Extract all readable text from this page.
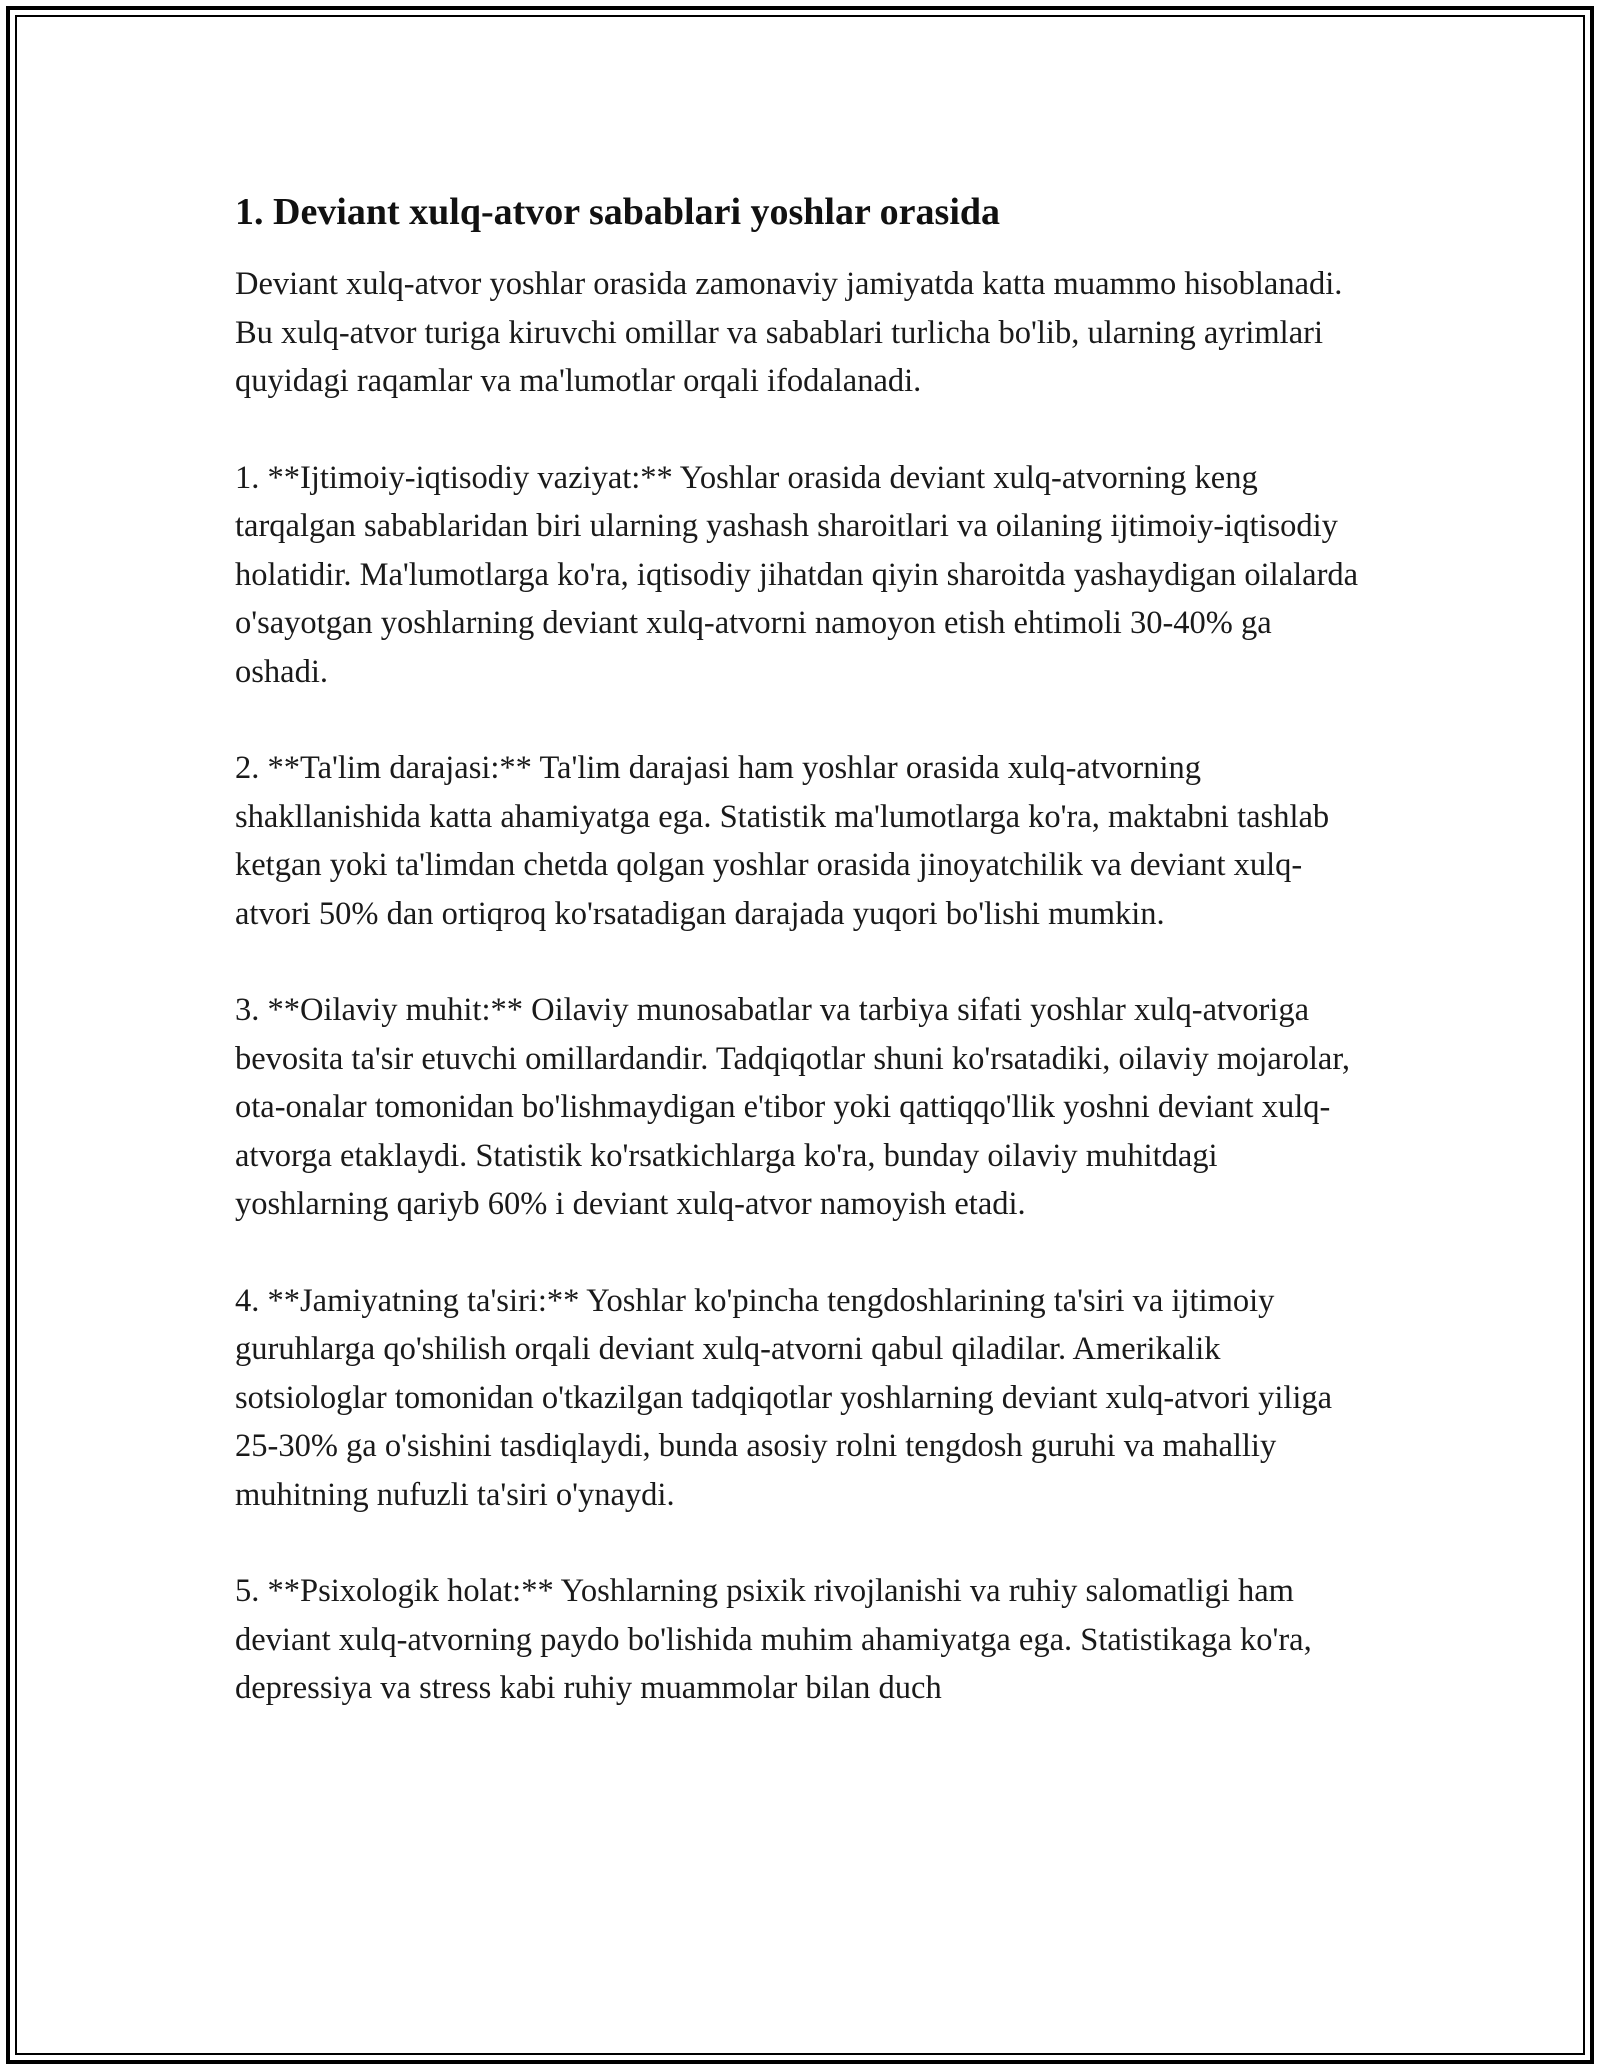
1. Deviant xulq-atvor sabablari yoshlar orasida

Deviant xulq-atvor yoshlar orasida zamonaviy jamiyatda katta muammo hisoblanadi. Bu xulq-atvor turiga kiruvchi omillar va sabablari turlicha bo'lib, ularning ayrimlari quyidagi raqamlar va ma'lumotlar orqali ifodalanadi.

1. **Ijtimoiy-iqtisodiy vaziyat:** Yoshlar orasida deviant xulq-atvorning keng tarqalgan sabablaridan biri ularning yashash sharoitlari va oilaning ijtimoiy-iqtisodiy holatidir. Ma'lumotlarga ko'ra, iqtisodiy jihatdan qiyin sharoitda yashaydigan oilalarda o'sayotgan yoshlarning deviant xulq-atvorni namoyon etish ehtimoli 30-40% ga oshadi.

2. **Ta'lim darajasi:** Ta'lim darajasi ham yoshlar orasida xulq-atvorning shakllanishida katta ahamiyatga ega. Statistik ma'lumotlarga ko'ra, maktabni tashlab ketgan yoki ta'limdan chetda qolgan yoshlar orasida jinoyatchilik va deviant xulq-atvori 50% dan ortiqroq ko'rsatadigan darajada yuqori bo'lishi mumkin.

3. **Oilaviy muhit:** Oilaviy munosabatlar va tarbiya sifati yoshlar xulq-atvoriga bevosita ta'sir etuvchi omillardandir. Tadqiqotlar shuni ko'rsatadiki, oilaviy mojarolar, ota-onalar tomonidan bo'lishmaydigan e'tibor yoki qattiqqo'llik yoshni deviant xulq-atvorga etaklaydi. Statistik ko'rsatkichlarga ko'ra, bunday oilaviy muhitdagi yoshlarning qariyb 60% i deviant xulq-atvor namoyish etadi.

4. **Jamiyatning ta'siri:** Yoshlar ko'pincha tengdoshlarining ta'siri va ijtimoiy guruhlarga qo'shilish orqali deviant xulq-atvorni qabul qiladilar. Amerikalik sotsiologlar tomonidan o'tkazilgan tadqiqotlar yoshlarning deviant xulq-atvori yiliga 25-30% ga o'sishini tasdiqlaydi, bunda asosiy rolni tengdosh guruhi va mahalliy muhitning nufuzli ta'siri o'ynaydi.

5. **Psixologik holat:** Yoshlarning psixik rivojlanishi va ruhiy salomatligi ham deviant xulq-atvorning paydo bo'lishida muhim ahamiyatga ega. Statistikaga ko'ra, depressiya va stress kabi ruhiy muammolar bilan duch
